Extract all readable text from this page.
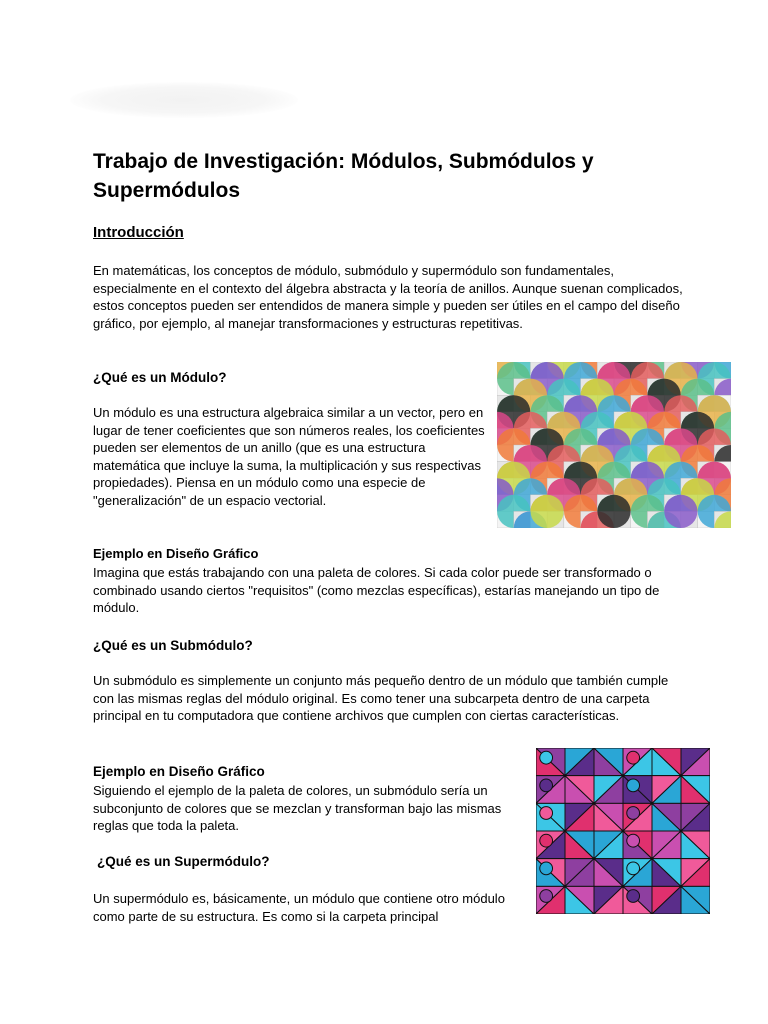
Trabajo de Investigación: Módulos, Submódulos y Supermódulos
Introducción

En matemáticas, los conceptos de módulo, submódulo y supermódulo son fundamentales, especialmente en el contexto del álgebra abstracta y la teoría de anillos. Aunque suenan complicados, estos conceptos pueden ser entendidos de manera simple y pueden ser útiles en el campo del diseño gráfico, por ejemplo, al manejar transformaciones y estructuras repetitivas.

¿Qué es un Módulo?

Un módulo es una estructura algebraica similar a un vector, pero en lugar de tener coeficientes que son números reales, los coeficientes pueden ser elementos de un anillo (que es una estructura matemática que incluye la suma, la multiplicación y sus respectivas propiedades). Piensa en un módulo como una especie de "generalización" de un espacio vectorial.

Ejemplo en Diseño Gráfico

Imagina que estás trabajando con una paleta de colores. Si cada color puede ser transformado o combinado usando ciertos "requisitos" (como mezclas específicas), estarías manejando un tipo de módulo.

¿Qué es un Submódulo?

Un submódulo es simplemente un conjunto más pequeño dentro de un módulo que también cumple con las mismas reglas del módulo original. Es como tener una subcarpeta dentro de una carpeta principal en tu computadora que contiene archivos que cumplen con ciertas características.

Ejemplo en Diseño Gráfico

Siguiendo el ejemplo de la paleta de colores, un submódulo sería un subconjunto de colores que se mezclan y transforman bajo las mismas reglas que toda la paleta.

¿Qué es un Supermódulo?

Un supermódulo es, básicamente, un módulo que contiene otro módulo como parte de su estructura. Es como si la carpeta principal
